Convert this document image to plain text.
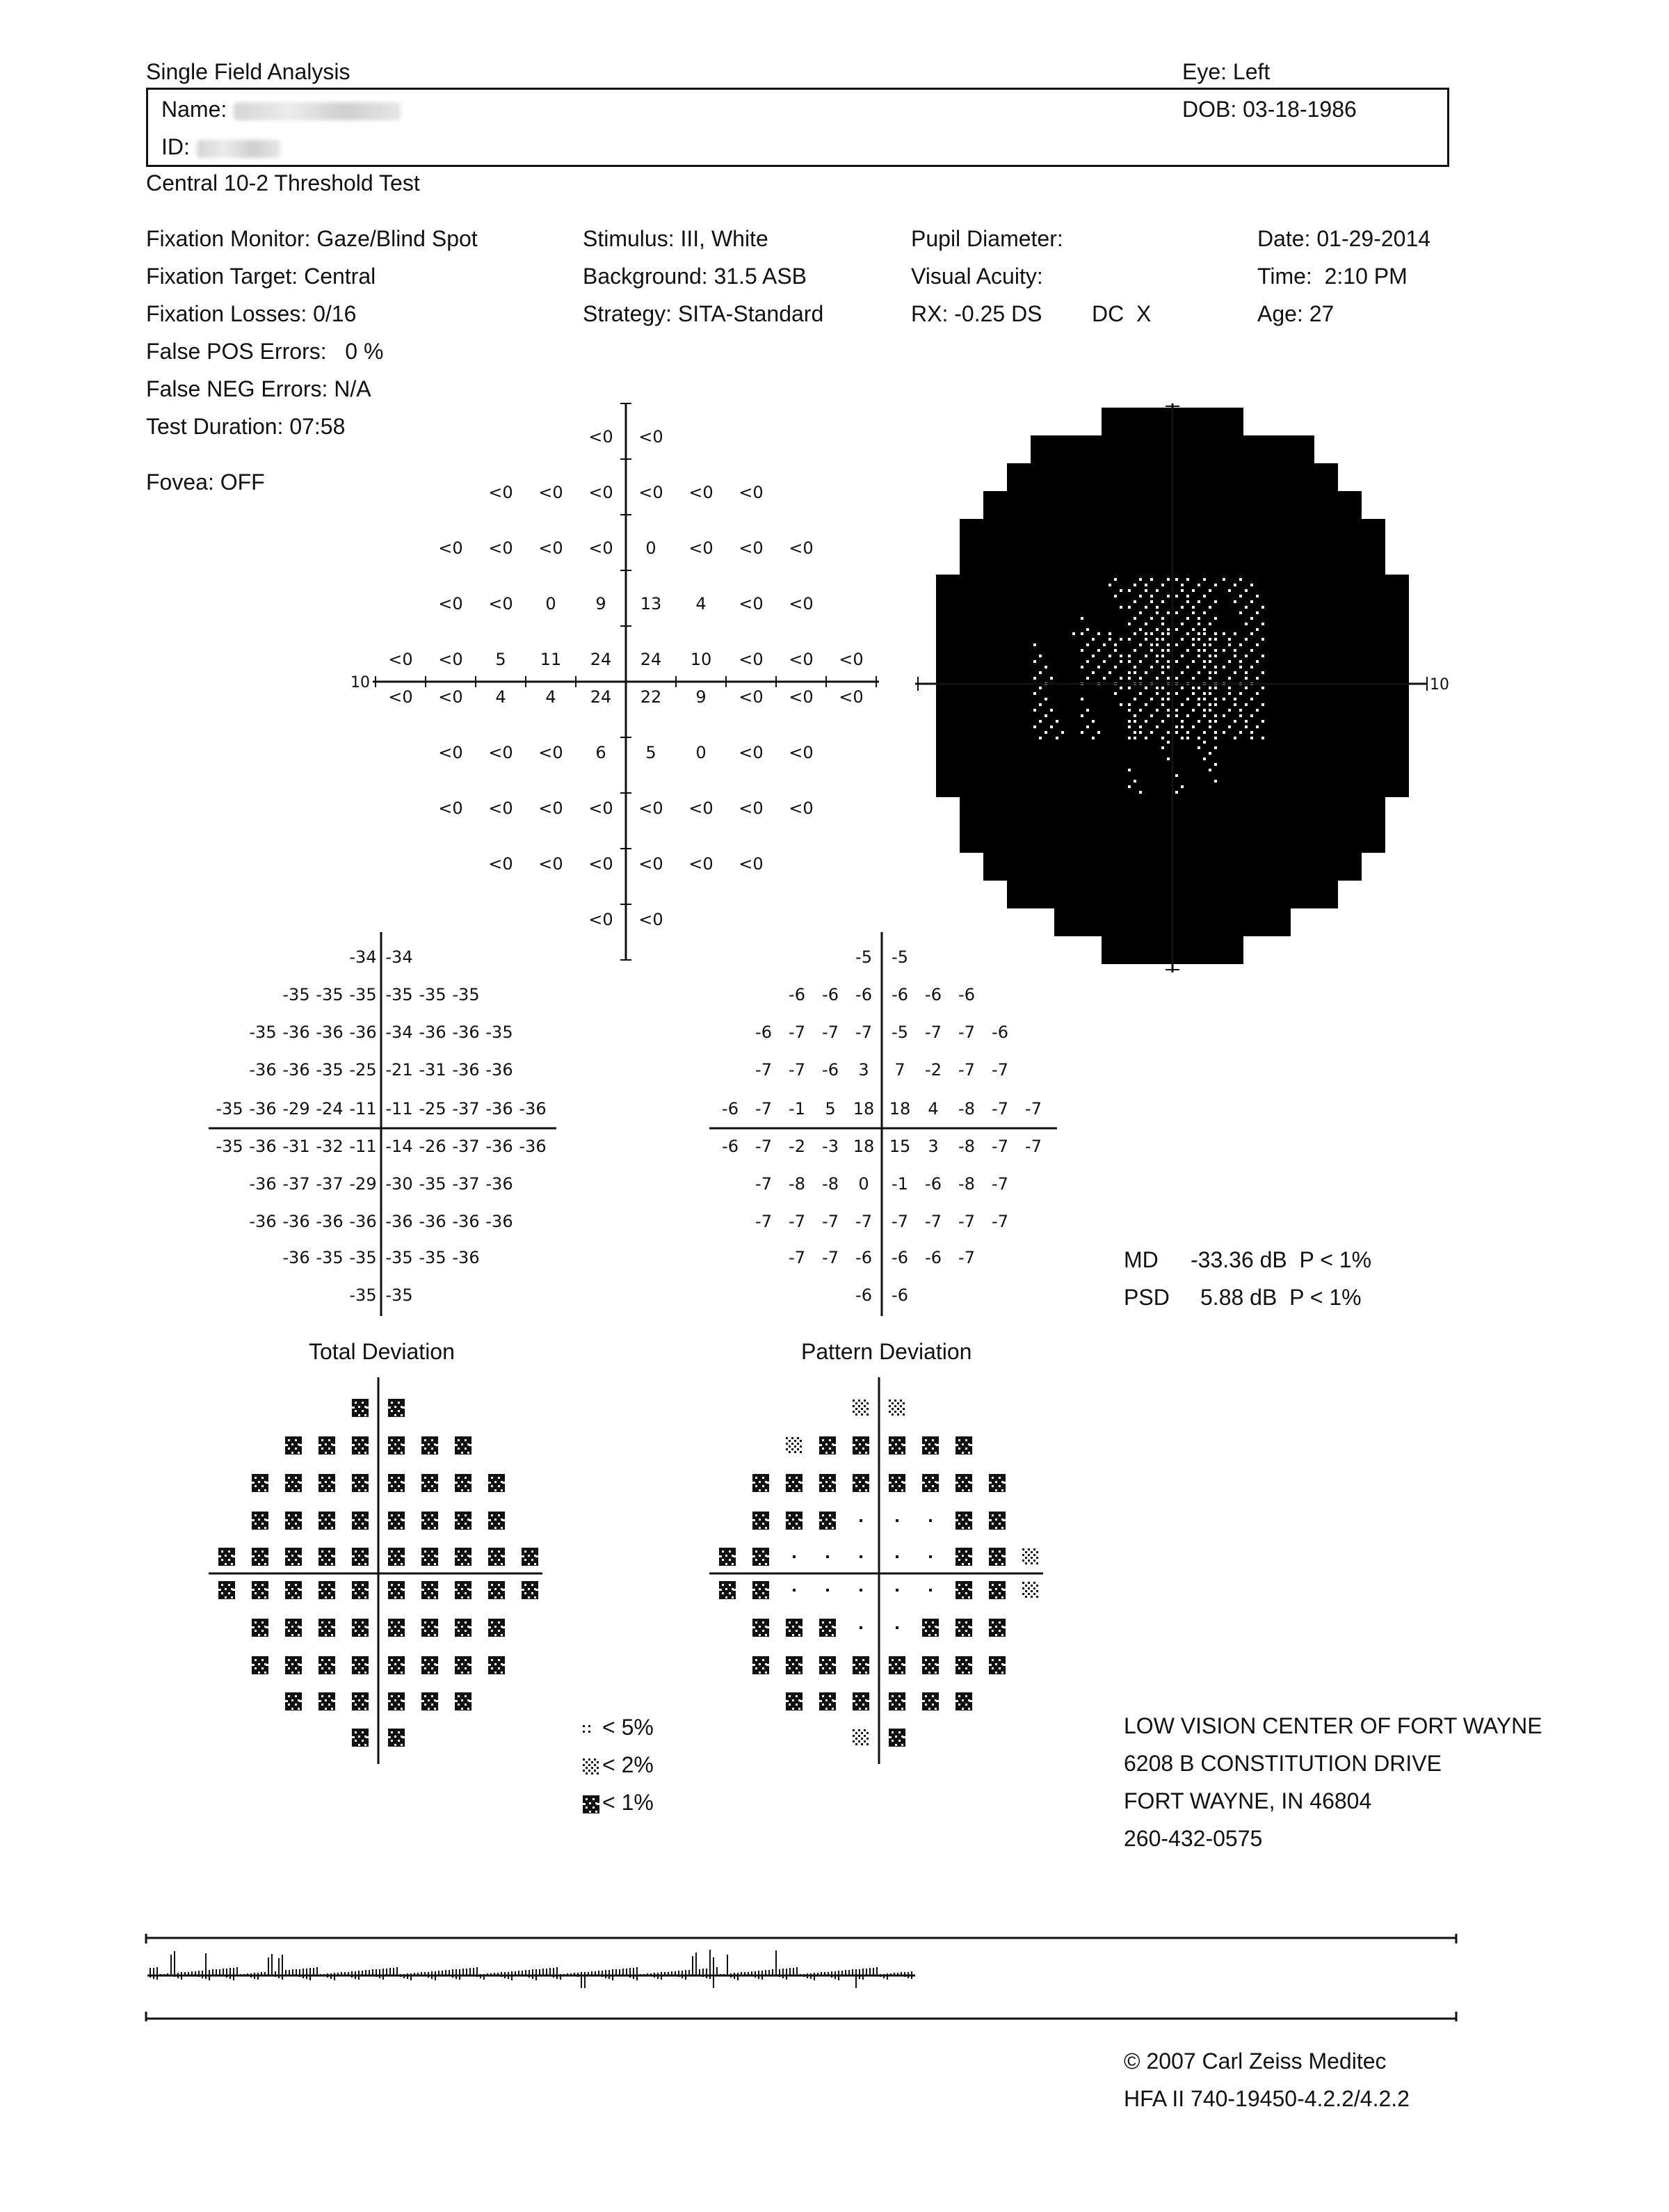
Single Field Analysis	Eye: Left
Name:
ID:
DOB: 03-18-1986
Central 10-2 Threshold Test
Fixation Monitor: Gaze/Blind Spot
Fixation Target: Central
Fixation Losses: 0/16
False POS Errors:   0 %
False NEG Errors: N/A
Test Duration: 07:58
Fovea: OFF
Stimulus: III, White
Background: 31.5 ASB
Strategy: SITA-Standard
Pupil Diameter:
Visual Acuity:
RX: -0.25 DS DC  X
Date: 01-29-2014
Time:  2:10 PM
Age: 27
10
<0 <0
<0 <0 <0 <0 <0 <0
<0 <0 <0 <0 0 <0 <0 <0
<0 <0 0 9 13 4 <0 <0
<0 <0 5 11 24 24 10 <0 <0 <0
<0 <0 4 4 24 22 9 <0 <0 <0
<0 <0 <0 6 5 0 <0 <0
<0 <0 <0 <0 <0 <0 <0 <0
<0 <0 <0 <0 <0 <0
<0 <0
10
-34 -34
-35 -35 -35 -35 -35 -35
-35 -36 -36 -36 -34 -36 -36 -35
-36 -36 -35 -25 -21 -31 -36 -36
-35 -36 -29 -24 -11 -11 -25 -37 -36 -36
-35 -36 -31 -32 -11 -14 -26 -37 -36 -36
-36 -37 -37 -29 -30 -35 -37 -36
-36 -36 -36 -36 -36 -36 -36 -36
-36 -35 -35 -35 -35 -36
-35 -35
-5 -5
-6 -6 -6 -6 -6 -6
-6 -7 -7 -7 -5 -7 -7 -6
-7 -7 -6 3 7 -2 -7 -7
-6 -7 -1 5 18 18 4 -8 -7 -7
-6 -7 -2 -3 18 15 3 -8 -7 -7
-7 -8 -8 0 -1 -6 -8 -7
-7 -7 -7 -7 -7 -7 -7 -7
-7 -7 -6 -6 -6 -7
-6 -6
MD -33.36 dB  P < 1%
PSD 5.88 dB  P < 1%
Total Deviation	Pattern Deviation
< 5%
< 2%
< 1%
LOW VISION CENTER OF FORT WAYNE
6208 B CONSTITUTION DRIVE
FORT WAYNE, IN 46804
260-432-0575
© 2007 Carl Zeiss Meditec
HFA II 740-19450-4.2.2/4.2.2
